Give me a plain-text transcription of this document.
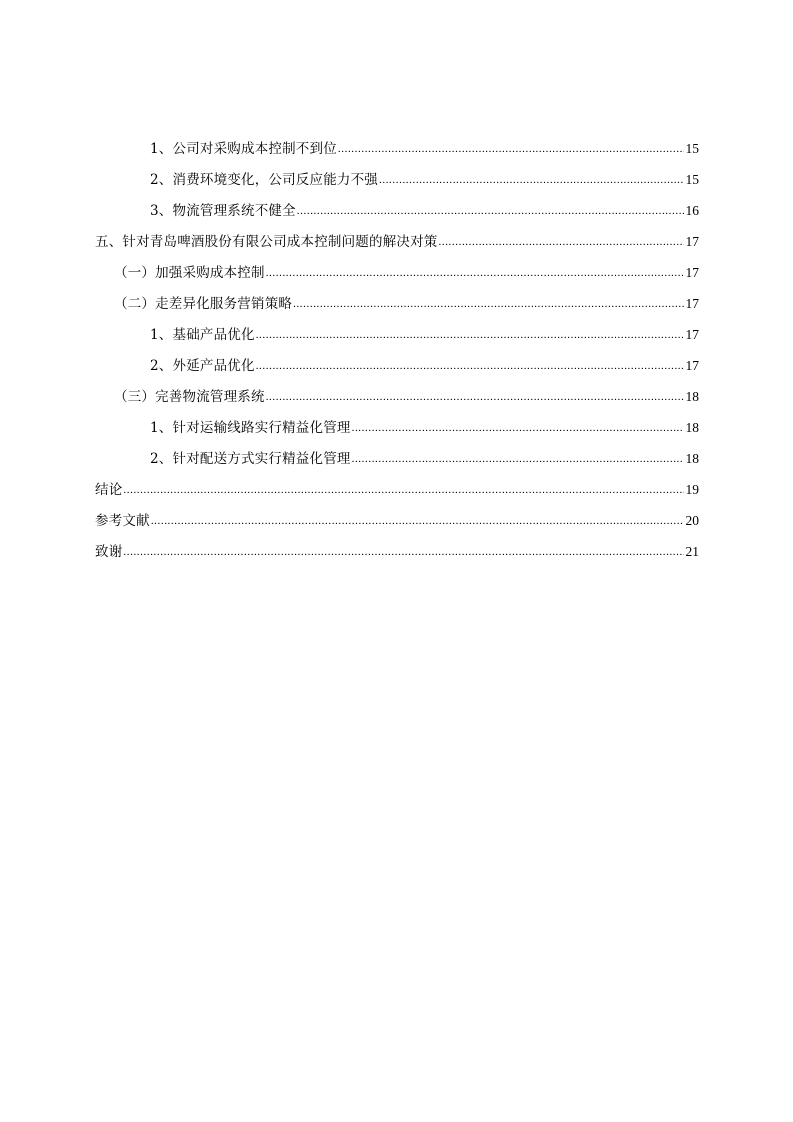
1、公司对采购成本控制不到位 .....	15
2、消费环境变化，公司反应能力不强 .....	15
3、物流管理系统不健全 .....	16
五、针对青岛啤酒股份有限公司成本控制问题的解决对策 .....	17
（一）加强采购成本控制 .....	17
（二）走差异化服务营销策略 .....	17
1、基础产品优化 .....	17
2、外延产品优化 .....	17
（三）完善物流管理系统 .....	18
1、针对运输线路实行精益化管理 .....	18
2、针对配送方式实行精益化管理 .....	18
结论 .....	19
参考文献 .....	20
致谢 .....	21
